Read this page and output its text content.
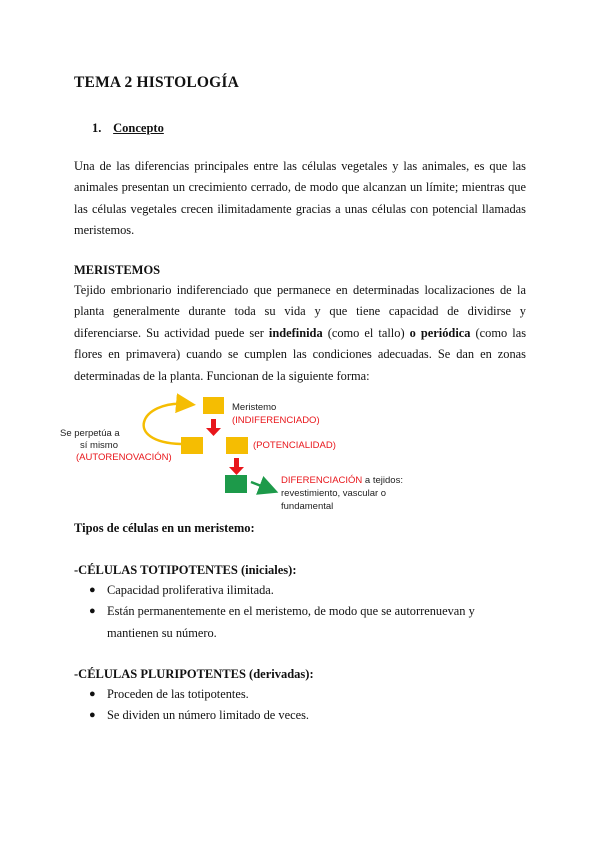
TEMA 2 HISTOLOGÍA
1. Concepto
Una de las diferencias principales entre las células vegetales y las animales, es que las animales presentan un crecimiento cerrado, de modo que alcanzan un límite; mientras que las células vegetales crecen ilimitadamente gracias a unas células con potencial llamadas meristemos.
MERISTEMOS
Tejido embrionario indiferenciado que permanece en determinadas localizaciones de la planta generalmente durante toda su vida y que tiene capacidad de dividirse y diferenciarse. Su actividad puede ser indefinida (como el tallo) o periódica (como las flores en primavera) cuando se cumplen las condiciones adecuadas. Se dan en zonas determinadas de la planta. Funcionan de la siguiente forma:
Se perpetúa a
sí mismo
(AUTORENOVACIÓN)
Meristemo
(INDIFERENCIADO)
(POTENCIALIDAD)
DIFERENCIACIÓN a tejidos:
revestimiento, vascular o
fundamental
Tipos de células en un meristemo:
-CÉLULAS TOTIPOTENTES (iniciales):
● Capacidad proliferativa ilimitada.
● Están permanentemente en el meristemo, de modo que se autorrenuevan y mantienen su número.
-CÉLULAS PLURIPOTENTES (derivadas):
● Proceden de las totipotentes.
● Se dividen un número limitado de veces.
